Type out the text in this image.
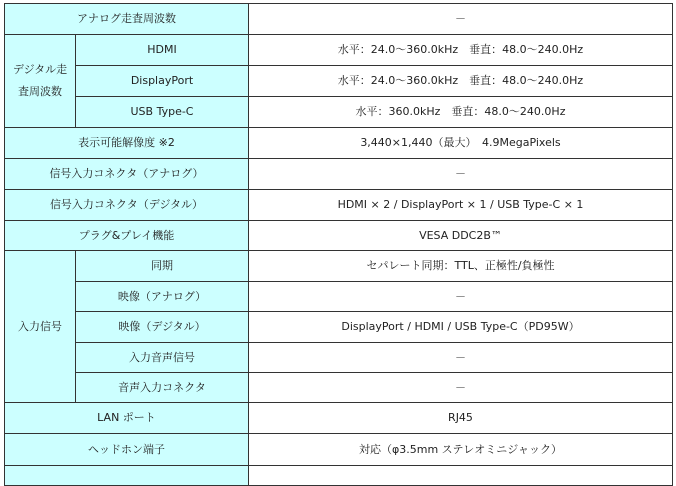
アナログ走査周波数		－
デジタル走査周波数	HDMI	水平：24.0～360.0kHz　垂直：48.0～240.0Hz
	DisplayPort	水平：24.0～360.0kHz　垂直：48.0～240.0Hz
	USB Type-C	水平：360.0kHz　垂直：48.0～240.0Hz
表示可能解像度 ※2		3,440×1,440（最大）　4.9MegaPixels
信号入力コネクタ（アナログ）		－
信号入力コネクタ（デジタル）		HDMI × 2 / DisplayPort × 1 / USB Type-C × 1
プラグ&プレイ機能		VESA DDC2B™
入力信号	同期	セパレート同期：TTL、正極性/負極性
	映像（アナログ）	－
	映像（デジタル）	DisplayPort / HDMI / USB Type-C（PD95W）
	入力音声信号	－
	音声入力コネクタ	－
LAN ポート		RJ45
ヘッドホン端子		対応（φ3.5mm ステレオミニジャック）
